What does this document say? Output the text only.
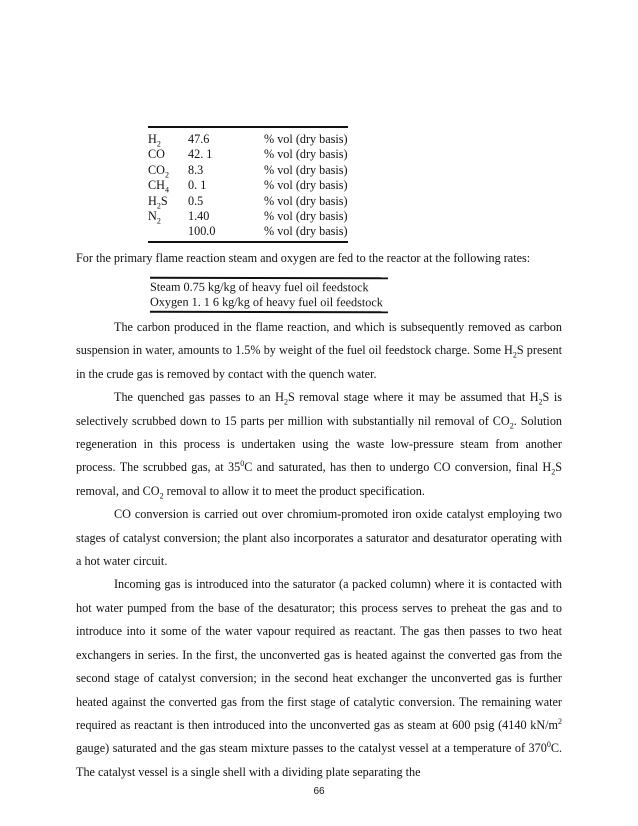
$H_2$ 47.6	% vol (dry basis)
CO 42. 1	% vol (dry basis)
$CO_2$ 8.3	% vol (dry basis)
$CH_4$ 0. 1	% vol (dry basis)
$H_2S$ 0.5	% vol (dry basis)
$N_2$ 1.40	% vol (dry basis)
100.0	% vol (dry basis)
For the primary flame reaction steam and oxygen are fed to the reactor at the following rates:
Steam 0.75 kg/kg of heavy fuel oil feedstock
Oxygen 1. 1 6 kg/kg of heavy fuel oil feedstock

The carbon produced in the flame reaction, and which is subsequently removed as carbon suspension in water, amounts to 1.5% by weight of the fuel oil feedstock charge. Some $H_2S$ present in the crude gas is removed by contact with the quench water.

The quenched gas passes to an $H_2S$ removal stage where it may be assumed that $H_2S$ is selectively scrubbed down to 15 parts per million with substantially nil removal of $CO_2$. Solution regeneration in this process is undertaken using the waste low-pressure steam from another process. The scrubbed gas, at $35^0C$ and saturated, has then to undergo CO conversion, final $H_2S$ removal, and $CO_2$ removal to allow it to meet the product specification.

CO conversion is carried out over chromium-promoted iron oxide catalyst employing two stages of catalyst conversion; the plant also incorporates a saturator and desaturator operating with a hot water circuit.

Incoming gas is introduced into the saturator (a packed column) where it is contacted with hot water pumped from the base of the desaturator; this process serves to preheat the gas and to introduce into it some of the water vapour required as reactant. The gas then passes to two heat exchangers in series. In the first, the unconverted gas is heated against the converted gas from the second stage of catalyst conversion; in the second heat exchanger the unconverted gas is further heated against the converted gas from the first stage of catalytic conversion. The remaining water required as reactant is then introduced into the unconverted gas as steam at 600 psig (4140 $kN/m^2$ gauge) saturated and the gas steam mixture passes to the catalyst vessel at a temperature of $370^0C$. The catalyst vessel is a single shell with a dividing plate separating the

66
